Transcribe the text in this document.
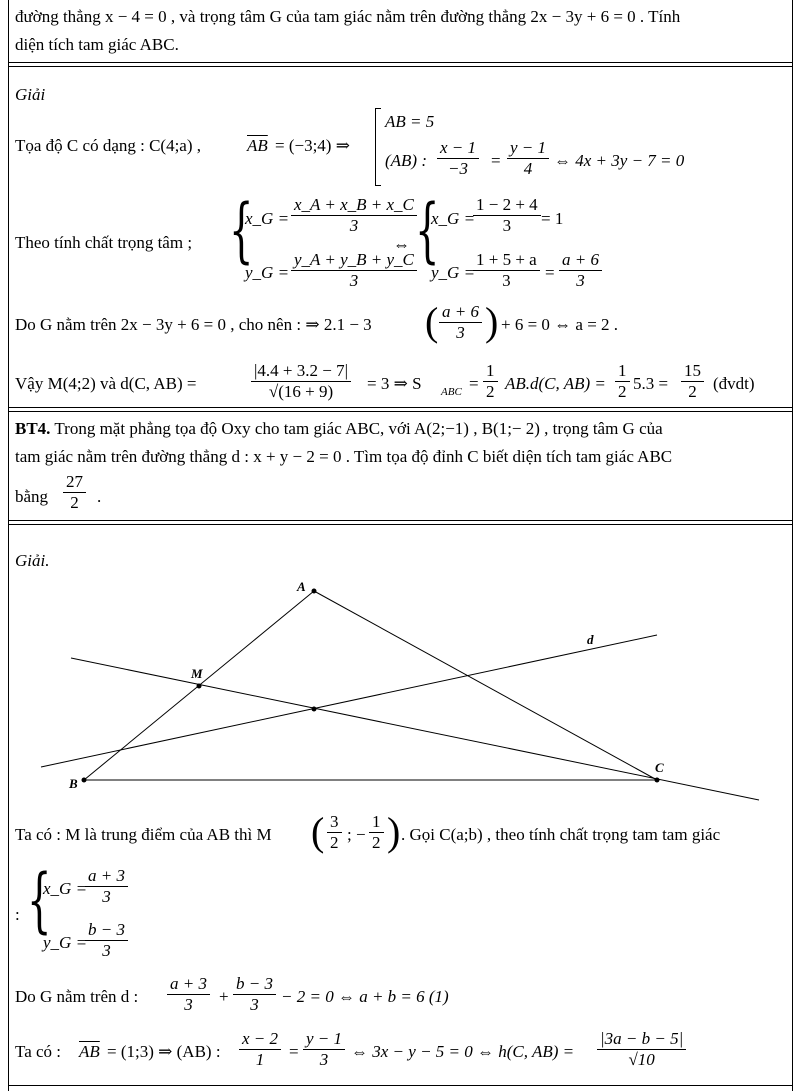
đường thẳng x − 4 = 0 , và trọng tâm G của tam giác nằm trên đường thẳng 2x − 3y + 6 = 0 . Tính
diện tích tam giác ABC.
Giải
Tọa độ C có dạng : C(4;a) ,	$\overline{AB}$ = (−3;4) ⇒
AB = 5
(AB) : $\frac{x - 1}{-3} = \frac{y - 1}{4}$ ⇔ 4x + 3y − 7 = 0
Theo tính chất trọng tâm ; {
x_G = $\frac{x\_A + x\_B + x\_C}{3}$
y_G = $\frac{y\_A + y\_B + y\_C}{3}$
⇔ {
x_G =
$\frac{1 - 2 + 4}{3} = 1$
y_G =
$\frac{1 + 5 + a}{3} = \frac{a + 6}{3}$
Do G nằm trên 2x − 3y + 6 = 0 , cho nên : ⇒ 2.1 − 3 ( $\frac{a + 6}{3}$ ) + 6 = 0 ⇔ a = 2 .
Vậy M(4;2) và d(C, AB) =	$\frac{|4.4 + 3.2 - 7|}{√(16 + 9)} = 3$ ⇒ S ABC = $\frac{1}{2} AB.d(C$, $AB) = \frac{1}{2} 5.3 = \frac{15}{2}$ (đvdt)
BT4. Trong mặt phẳng tọa độ Oxy cho tam giác ABC, với A(2;−1) , B(1;− 2) , trọng tâm G của
tam giác nằm trên đường thẳng d : x + y − 2 = 0 . Tìm tọa độ đỉnh C biết diện tích tam giác ABC
bằng $\frac{27}{2}$ .
Giải.
A
M
B
C
d
Ta có : M là trung điểm của AB thì M ( $\frac{3}{2}$ ; − $\frac{1}{2}$ ) . Gọi C(a;b) , theo tính chất trọng tam tam giác
: {
x_G =
$\frac{a + 3}{3}$
y_G =
$\frac{b - 3}{3}$
Do G nằm trên d : $\frac{a + 3}{3} + \frac{b - 3}{3} - 2 = 0$ ⇔ a + b = 6 (1)
Ta có : $\overline{AB}$ = (1;3) ⇒ (AB) : $\frac{x - 2}{1} = \frac{y - 1}{3}$ ⇔ 3x − y − 5 = 0 ⇔ h(C, $AB) = \frac{|3a - b - 5|}{√10}$
